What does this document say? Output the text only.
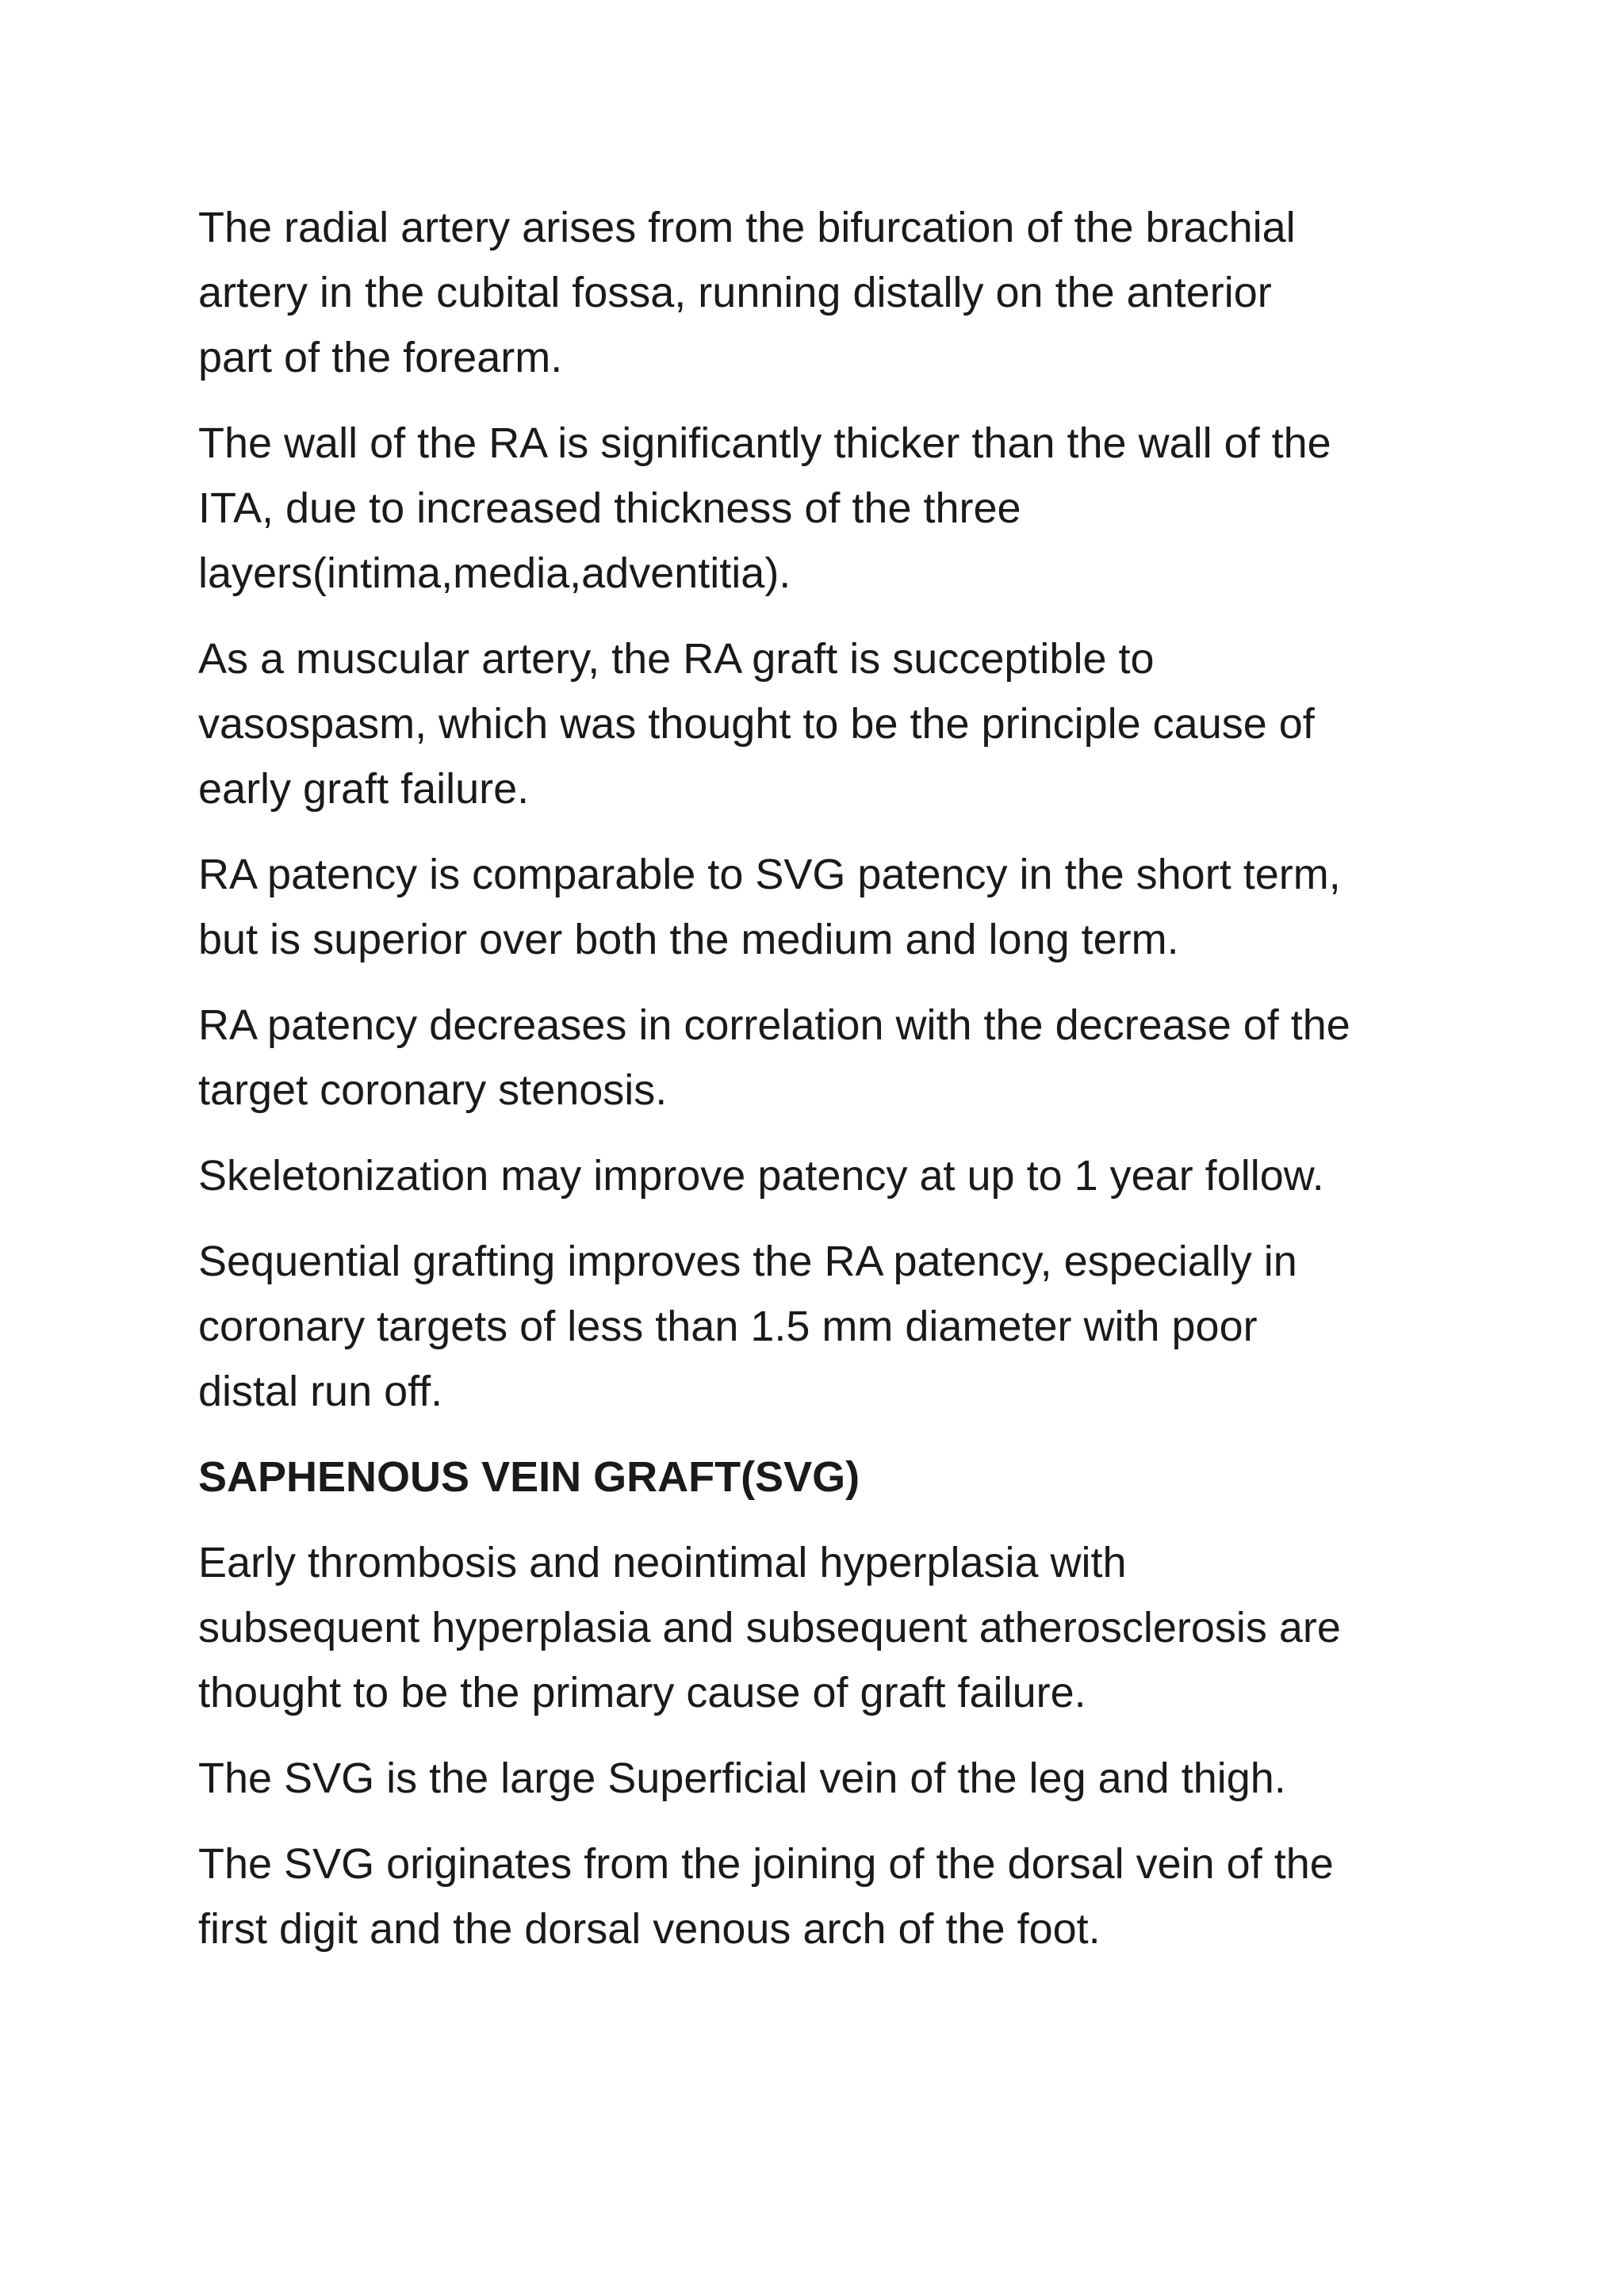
The radial artery arises from the bifurcation of the brachial
artery in the cubital fossa, running distally on the anterior
part of the forearm.
The wall of the RA is significantly thicker than the wall of the
ITA, due to increased thickness of the three
layers(intima,media,adventitia).
As a muscular artery, the RA graft is succeptible to
vasospasm, which was thought to be the principle cause of
early graft failure.
RA patency is comparable to SVG patency in the short term,
but is superior over both the medium and long term.
RA patency decreases in correlation with the decrease of the
target coronary stenosis.
Skeletonization may improve patency at up to 1 year follow.
Sequential grafting improves the RA patency, especially in
coronary targets of less than 1.5 mm diameter with poor
distal run off.
SAPHENOUS VEIN GRAFT(SVG)
Early thrombosis and neointimal hyperplasia with
subsequent hyperplasia and subsequent atherosclerosis are
thought to be the primary cause of graft failure.
The SVG is the large Superficial vein of the leg and thigh.
The SVG originates from the joining of the dorsal vein of the
first digit and the dorsal venous arch of the foot.
